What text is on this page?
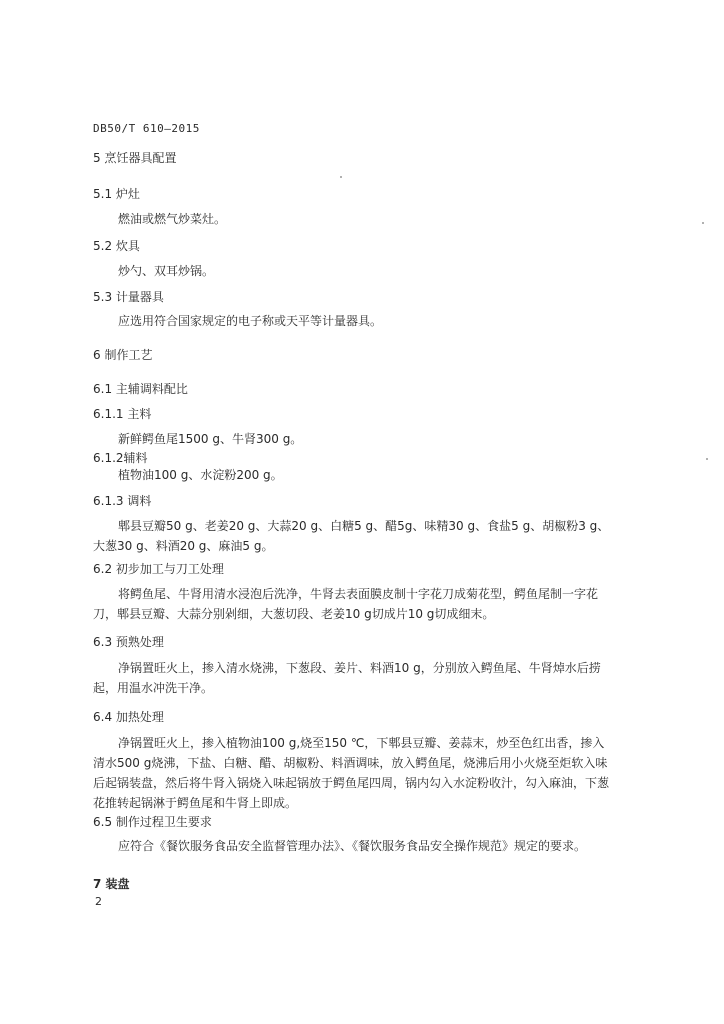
DB50/T 610—2015
5 烹饪器具配置
5.1 炉灶
燃油或燃气炒菜灶。
5.2 炊具
炒勺、双耳炒锅。
5.3 计量器具
应选用符合国家规定的电子称或天平等计量器具。
6 制作工艺
6.1 主辅调料配比
6.1.1 主料
新鲜鳄鱼尾1500 g、牛肾300 g。
6.1.2辅料
植物油100 g、水淀粉200 g。
6.1.3 调料
郫县豆瓣50 g、老姜20 g、大蒜20 g、白糖5 g、醋5g、味精30 g、食盐5 g、胡椒粉3 g、大葱30 g、料酒20 g、麻油5 g。
6.2 初步加工与刀工处理
将鳄鱼尾、牛肾用清水浸泡后洗净，牛肾去表面膜皮制十字花刀成菊花型，鳄鱼尾制一字花刀，郫县豆瓣、大蒜分别剁细，大葱切段、老姜10 g切成片10 g切成细末。
6.3 预熟处理
净锅置旺火上，掺入清水烧沸，下葱段、姜片、料酒10 g，分别放入鳄鱼尾、牛肾焯水后捞起，用温水冲洗干净。
6.4 加热处理
净锅置旺火上，掺入植物油100 g,烧至150 ℃，下郫县豆瓣、姜蒜末，炒至色红出香，掺入清水500 g烧沸，下盐、白糖、醋、胡椒粉、料酒调味，放入鳄鱼尾，烧沸后用小火烧至炬软入味后起锅装盘，然后将牛肾入锅烧入味起锅放于鳄鱼尾四周，锅内勾入水淀粉收汁，勾入麻油，下葱花推转起锅淋于鳄鱼尾和牛肾上即成。
6.5 制作过程卫生要求
应符合《餐饮服务食品安全监督管理办法》、《餐饮服务食品安全操作规范》规定的要求。
7 装盘
2
